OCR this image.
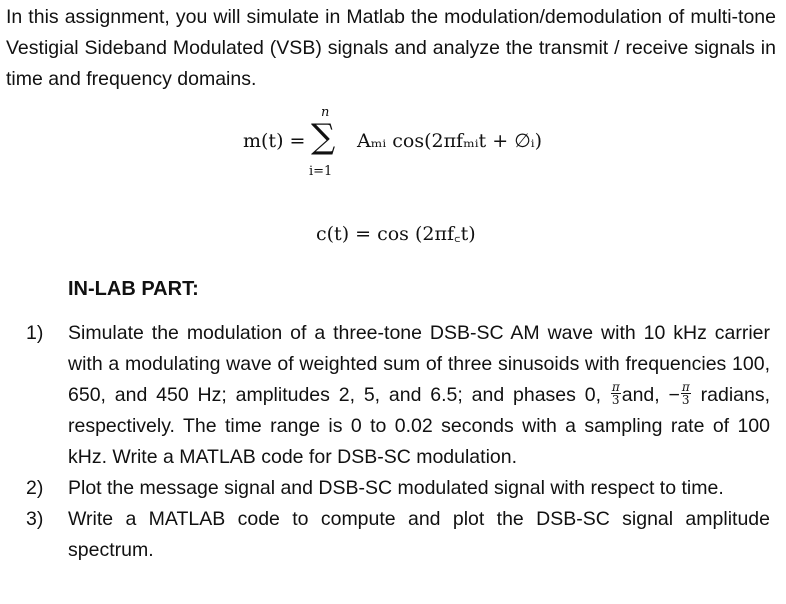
In this assignment, you will simulate in Matlab the modulation/demodulation of multi-tone Vestigial Sideband Modulated (VSB) signals and analyze the transmit / receive signals in time and frequency domains.

m(t) =
n
∑
i=1
Aₘᵢ cos(2πfₘᵢt + ∅ᵢ)
c(t) = cos (2πf꜀t)
IN-LAB PART:
1) Simulate the modulation of a three-tone DSB-SC AM wave with 10 kHz carrier with a modulating wave of weighted sum of three sinusoids with frequencies 100, 650, and 450 Hz; amplitudes 2, 5, and 6.5; and phases 0, $\frac{\pi}{3}$ and, − $\frac{\pi}{3}$ radians, respectively. The time range is 0 to 0.02 seconds with a sampling rate of 100 kHz. Write a MATLAB code for DSB-SC modulation.
2) Plot the message signal and DSB-SC modulated signal with respect to time.
3) Write a MATLAB code to compute and plot the DSB-SC signal amplitude spectrum.
